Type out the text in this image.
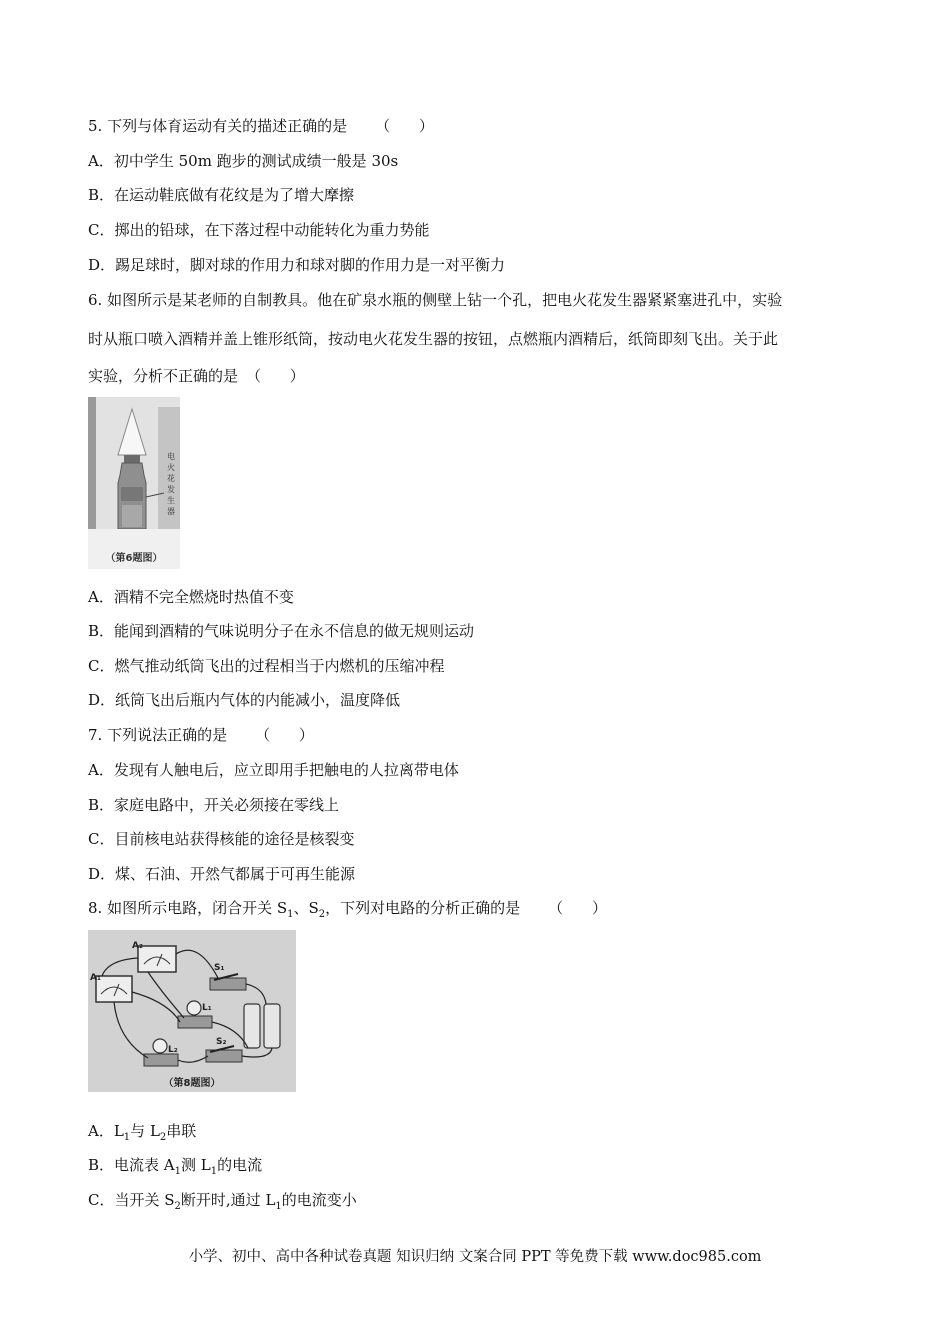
5. 下列与体育运动有关的描述正确的是 （ ）
A．初中学生 50m 跑步的测试成绩一般是 30s
B．在运动鞋底做有花纹是为了增大摩擦
C．掷出的铅球，在下落过程中动能转化为重力势能
D．踢足球时，脚对球的作用力和球对脚的作用力是一对平衡力
6. 如图所示是某老师的自制教具。他在矿泉水瓶的侧壁上钻一个孔，把电火花发生器紧紧塞进孔中，实验
时从瓶口喷入酒精并盖上锥形纸筒，按动电火花发生器的按钮，点燃瓶内酒精后，纸筒即刻飞出。关于此
实验，分析不正确的是 （ ）
电
火
花
发
生
器
（第6题图）
A．酒精不完全燃烧时热值不变
B．能闻到酒精的气味说明分子在永不信息的做无规则运动
C．燃气推动纸筒飞出的过程相当于内燃机的压缩冲程
D．纸筒飞出后瓶内气体的内能减小，温度降低
7. 下列说法正确的是 （ ）
A．发现有人触电后，应立即用手把触电的人拉离带电体
B．家庭电路中，开关必须接在零线上
C．目前核电站获得核能的途径是核裂变
D．煤、石油、开然气都属于可再生能源
8. 如图所示电路，闭合开关 $S_1$、$S_2$，下列对电路的分析正确的是 （ ）
A₂
A₁
S₁
L₁
L₂
S₂
（第8题图）
A．$L_1$与 $L_2$串联
B．电流表 $A_1$测 $L_1$的电流
C．当开关 $S_2$断开时,通过 $L_1$的电流变小
小学、初中、高中各种试卷真题 知识归纳 文案合同 PPT 等免费下载 www.doc985.com
